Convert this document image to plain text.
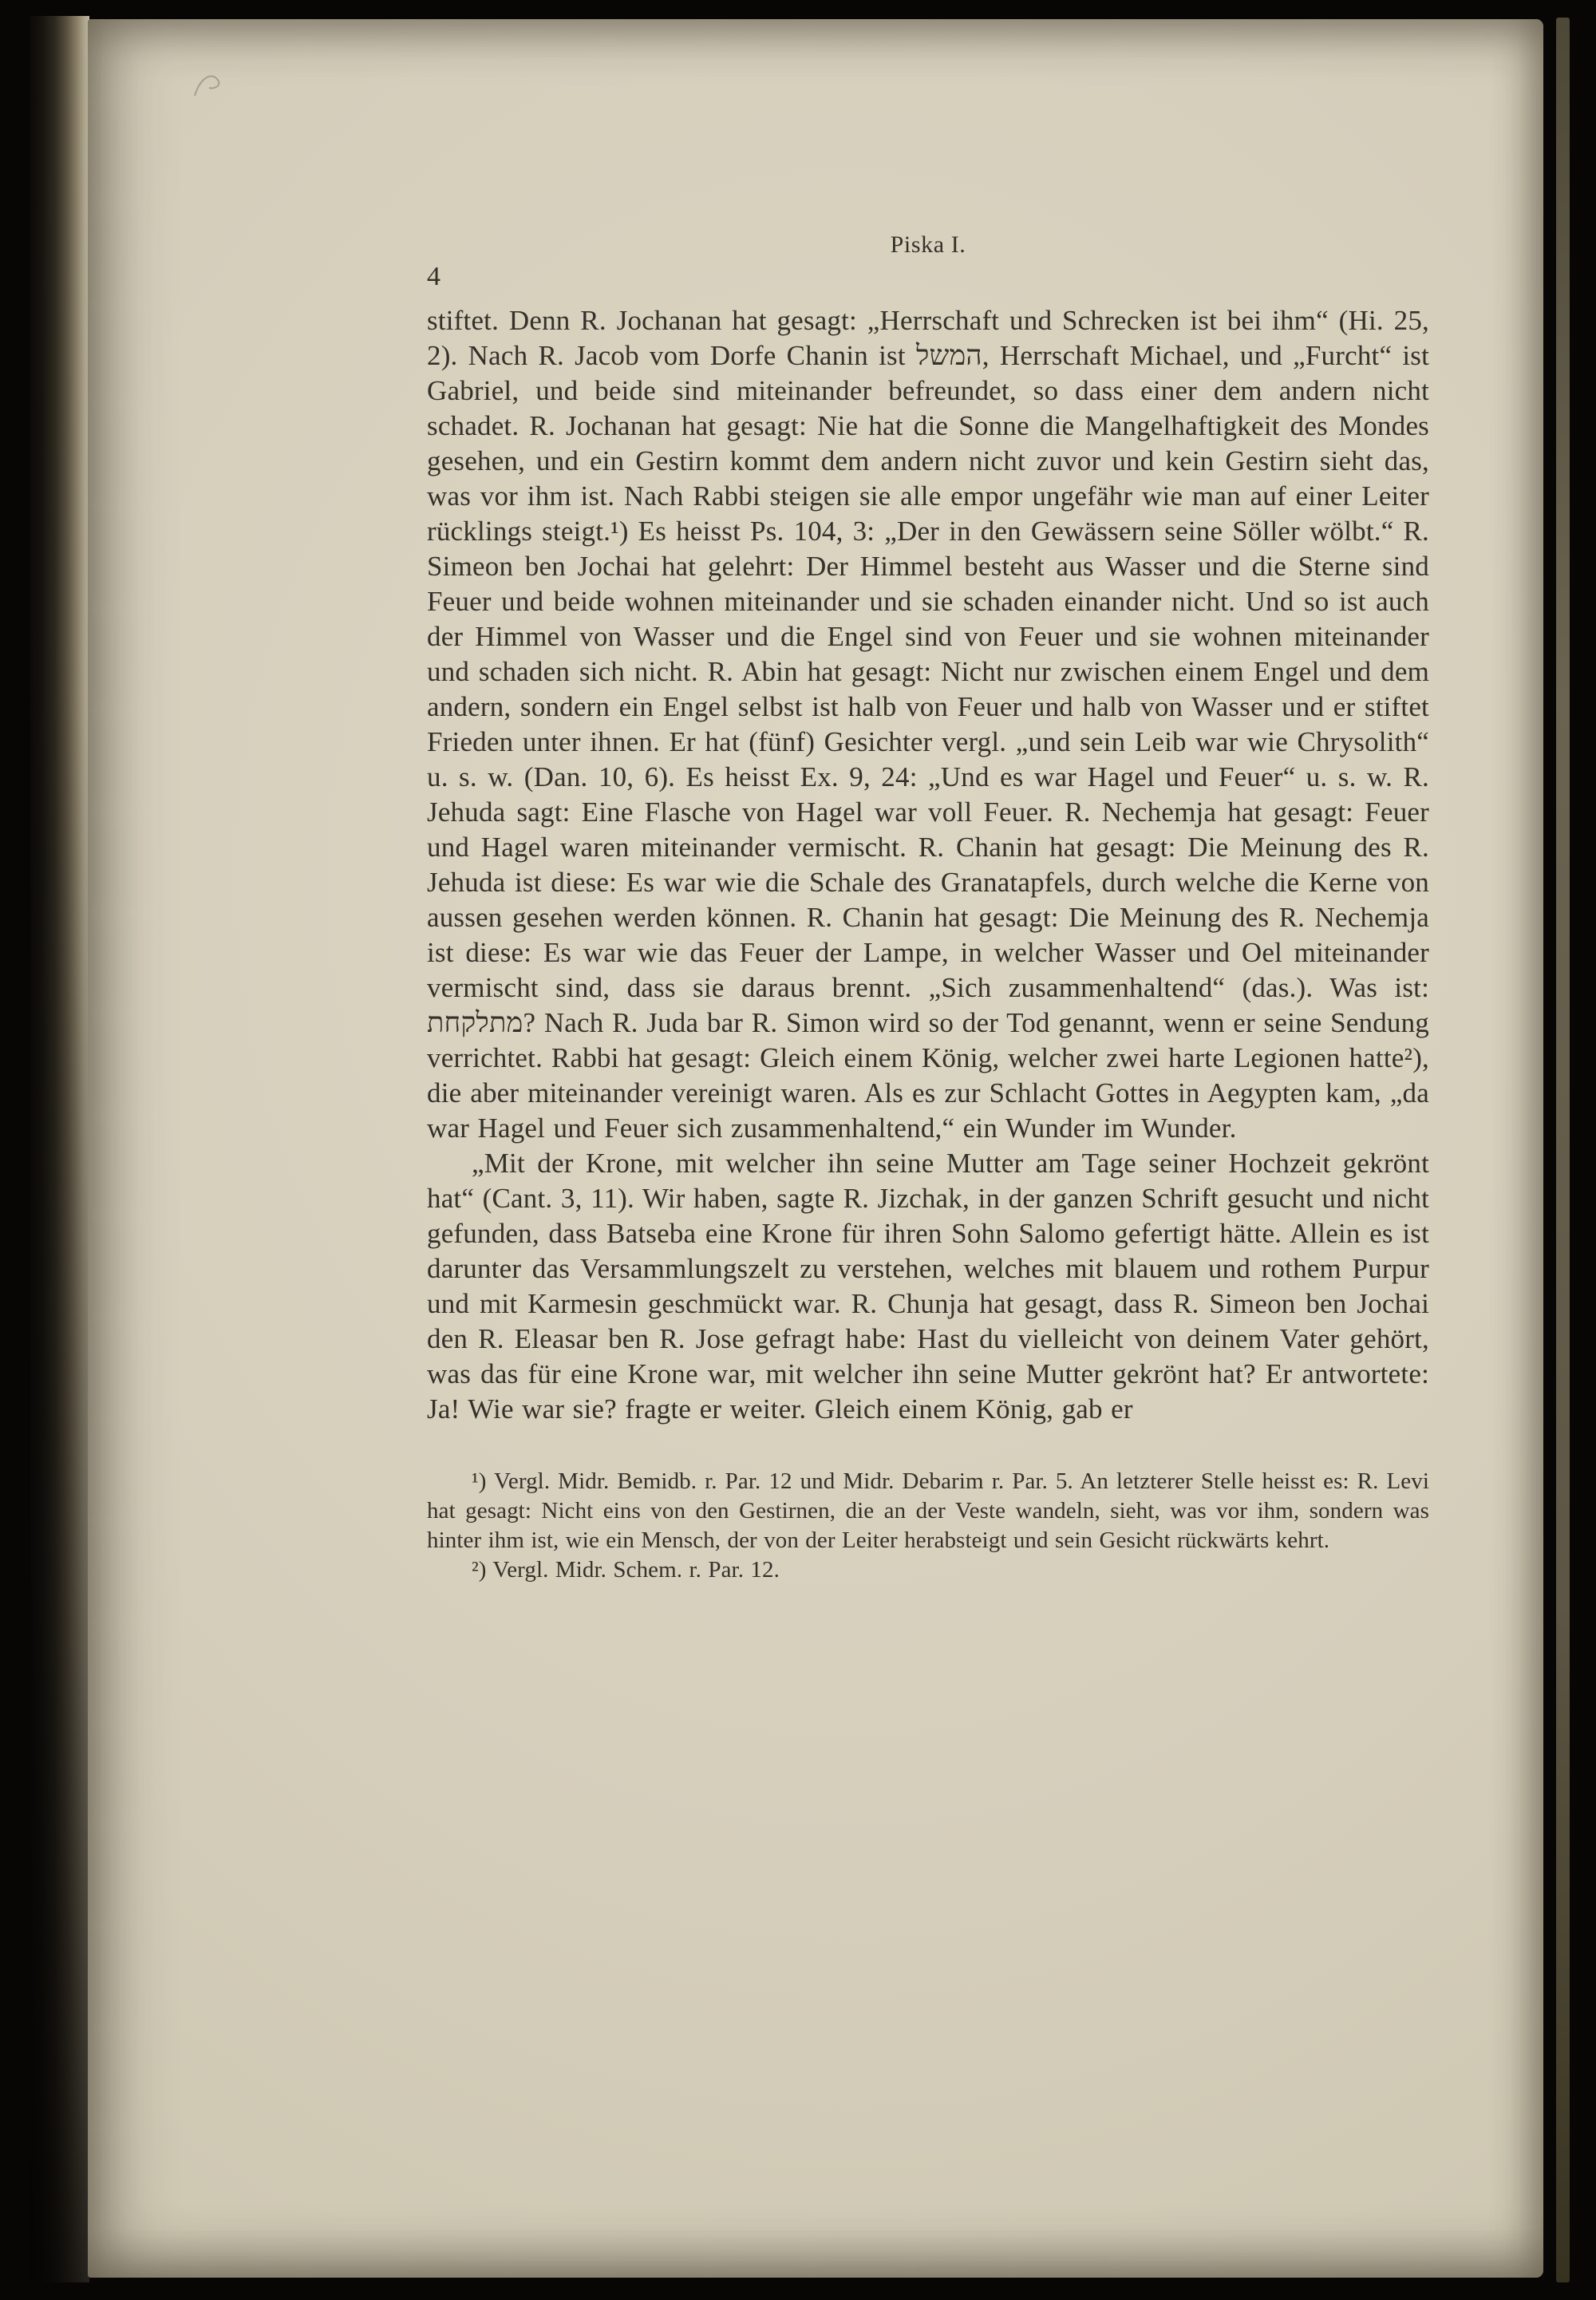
Piska I.
4

stiftet. Denn R. Jochanan hat gesagt: „Herrschaft und Schrecken ist bei ihm“ (Hi. 25, 2). Nach R. Jacob vom Dorfe Chanin ist המשל, Herrschaft Michael, und „Furcht“ ist Gabriel, und beide sind miteinander befreundet, so dass einer dem andern nicht schadet. R. Jochanan hat gesagt: Nie hat die Sonne die Mangelhaftigkeit des Mondes gesehen, und ein Gestirn kommt dem andern nicht zuvor und kein Gestirn sieht das, was vor ihm ist. Nach Rabbi steigen sie alle empor ungefähr wie man auf einer Leiter rücklings steigt.¹) Es heisst Ps. 104, 3: „Der in den Gewässern seine Söller wölbt.“ R. Simeon ben Jochai hat gelehrt: Der Himmel besteht aus Wasser und die Sterne sind Feuer und beide wohnen miteinander und sie schaden einander nicht. Und so ist auch der Himmel von Wasser und die Engel sind von Feuer und sie wohnen miteinander und schaden sich nicht. R. Abin hat gesagt: Nicht nur zwischen einem Engel und dem andern, sondern ein Engel selbst ist halb von Feuer und halb von Wasser und er stiftet Frieden unter ihnen. Er hat (fünf) Gesichter vergl. „und sein Leib war wie Chrysolith“ u. s. w. (Dan. 10, 6). Es heisst Ex. 9, 24: „Und es war Hagel und Feuer“ u. s. w. R. Jehuda sagt: Eine Flasche von Hagel war voll Feuer. R. Nechemja hat gesagt: Feuer und Hagel waren miteinander vermischt. R. Chanin hat gesagt: Die Meinung des R. Jehuda ist diese: Es war wie die Schale des Granatapfels, durch welche die Kerne von aussen gesehen werden können. R. Chanin hat gesagt: Die Meinung des R. Nechemja ist diese: Es war wie das Feuer der Lampe, in welcher Wasser und Oel miteinander vermischt sind, dass sie daraus brennt. „Sich zusammenhaltend“ (das.). Was ist: מתלקחת? Nach R. Juda bar R. Simon wird so der Tod genannt, wenn er seine Sendung verrichtet. Rabbi hat gesagt: Gleich einem König, welcher zwei harte Legionen hatte²), die aber miteinander vereinigt waren. Als es zur Schlacht Gottes in Aegypten kam, „da war Hagel und Feuer sich zusammenhaltend,“ ein Wunder im Wunder.

„Mit der Krone, mit welcher ihn seine Mutter am Tage seiner Hochzeit gekrönt hat“ (Cant. 3, 11). Wir haben, sagte R. Jizchak, in der ganzen Schrift gesucht und nicht gefunden, dass Batseba eine Krone für ihren Sohn Salomo gefertigt hätte. Allein es ist darunter das Versammlungszelt zu verstehen, welches mit blauem und rothem Purpur und mit Karmesin geschmückt war. R. Chunja hat gesagt, dass R. Simeon ben Jochai den R. Eleasar ben R. Jose gefragt habe: Hast du vielleicht von deinem Vater gehört, was das für eine Krone war, mit welcher ihn seine Mutter gekrönt hat? Er antwortete: Ja! Wie war sie? fragte er weiter. Gleich einem König, gab er

¹) Vergl. Midr. Bemidb. r. Par. 12 und Midr. Debarim r. Par. 5. An letzterer Stelle heisst es: R. Levi hat gesagt: Nicht eins von den Gestirnen, die an der Veste wandeln, sieht, was vor ihm, sondern was hinter ihm ist, wie ein Mensch, der von der Leiter herabsteigt und sein Gesicht rückwärts kehrt.

²) Vergl. Midr. Schem. r. Par. 12.
